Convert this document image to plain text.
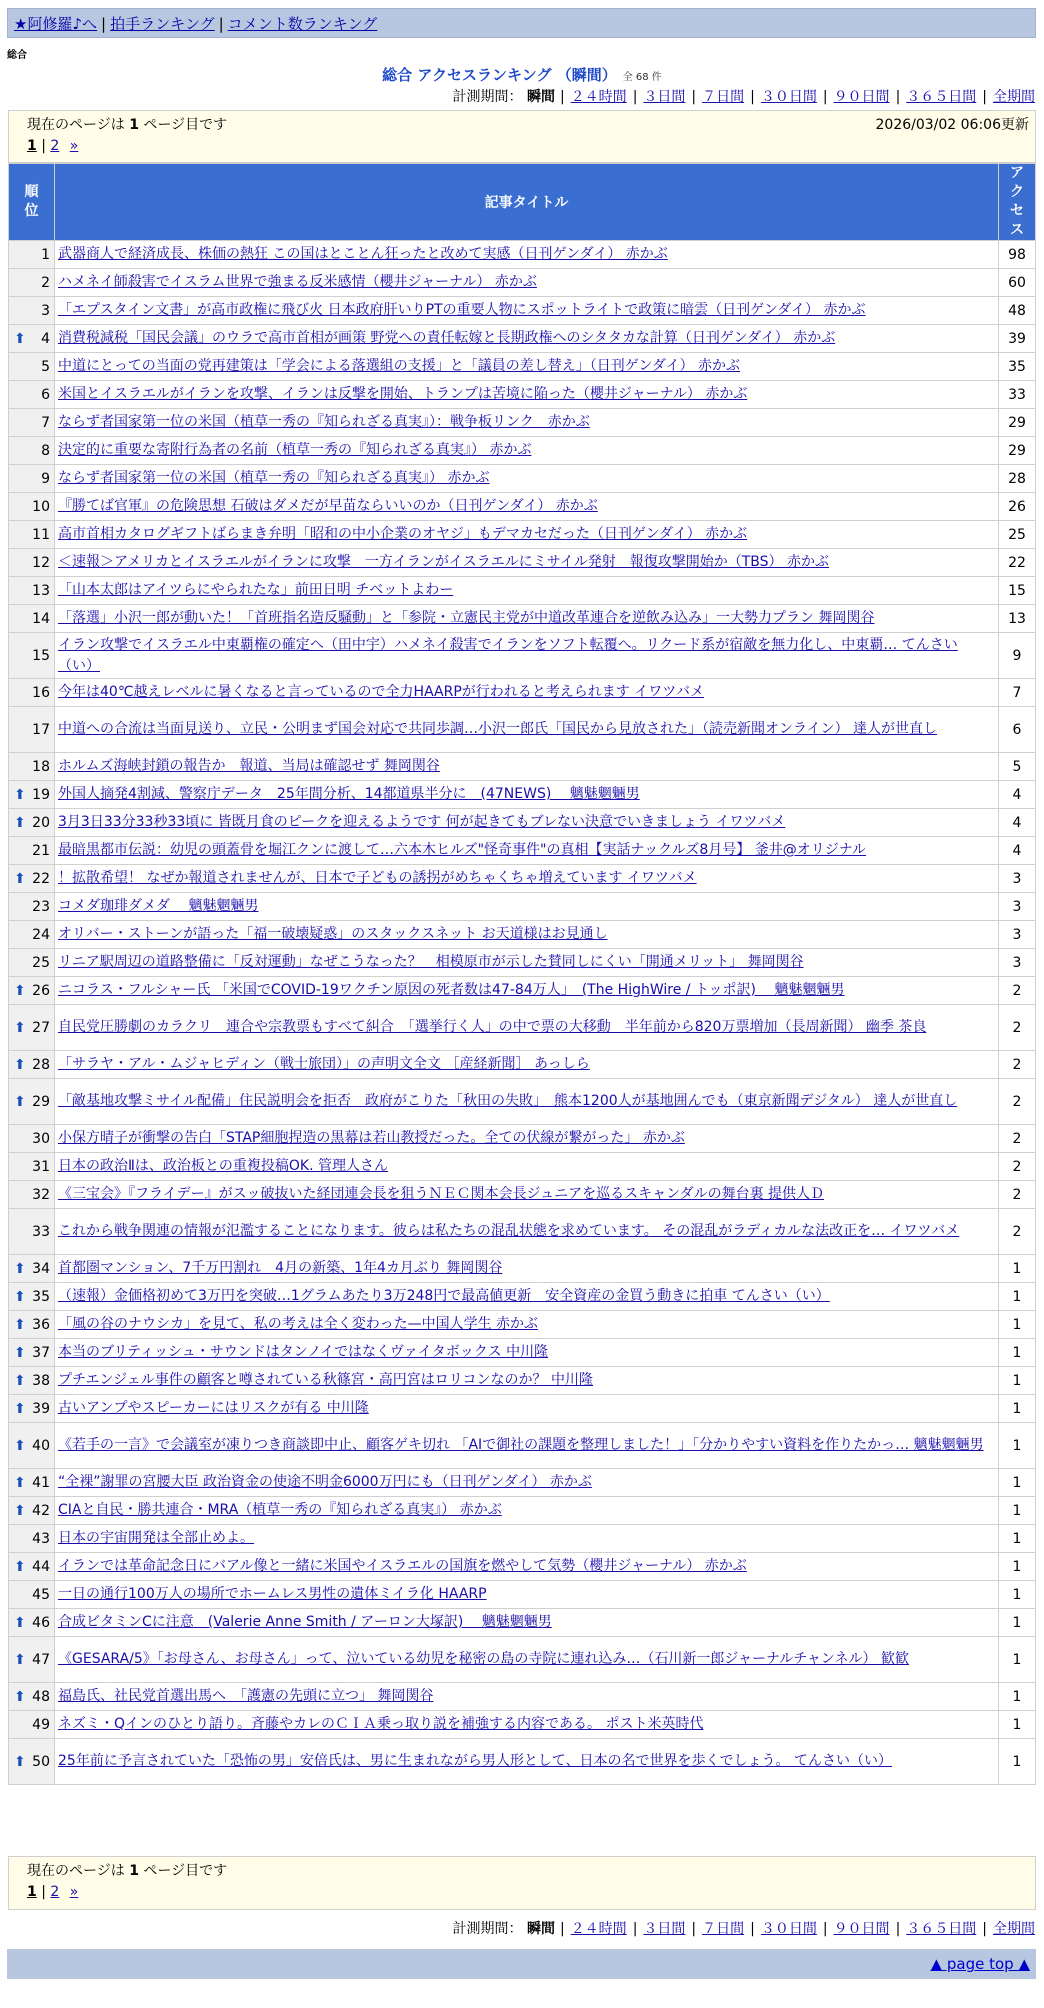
★阿修羅♪へ | 拍手ランキング | コメント数ランキング
総合
総合 アクセスランキング （瞬間） 全 68 件
計測期間： 瞬間 | ２４時間 | ３日間 | ７日間 | ３０日間 | ９０日間 | ３６５日間 | 全期間
現在のページは 1 ページ目です	2026/03/02 06:06更新
1 | 2 »
順位	記事タイトル	アクセス
1	武器商人で経済成長、株価の熱狂 この国はとことん狂ったと改めて実感（日刊ゲンダイ） 赤かぶ	98
2	ハメネイ師殺害でイスラム世界で強まる反米感情（櫻井ジャーナル） 赤かぶ	60
3	「エプスタイン文書」が高市政権に飛び火 日本政府肝いりPTの重要人物にスポットライトで政策に暗雲（日刊ゲンダイ） 赤かぶ	48

⬆ 4	消費税減税「国民会議」のウラで高市首相が画策 野党への責任転嫁と長期政権へのシタタカな計算（日刊ゲンダイ） 赤かぶ	39
5	中道にとっての当面の党再建策は「学会による落選組の支援」と「議員の差し替え」（日刊ゲンダイ） 赤かぶ	35
6	米国とイスラエルがイランを攻撃、イランは反撃を開始、トランプは苦境に陥った（櫻井ジャーナル） 赤かぶ	33
7	ならず者国家第一位の米国（植草一秀の『知られざる真実』）：戦争板リンク　赤かぶ	29
8	決定的に重要な寄附行為者の名前（植草一秀の『知られざる真実』） 赤かぶ	29
9	ならず者国家第一位の米国（植草一秀の『知られざる真実』） 赤かぶ	28
10	『勝てば官軍』の危険思想 石破はダメだが早苗ならいいのか（日刊ゲンダイ） 赤かぶ	26
11	高市首相カタログギフトばらまき弁明「昭和の中小企業のオヤジ」もデマカセだった（日刊ゲンダイ） 赤かぶ	25
12	＜速報＞アメリカとイスラエルがイランに攻撃　一方イランがイスラエルにミサイル発射　報復攻撃開始か（TBS） 赤かぶ	22
13	「山本太郎はアイツらにやられたな」前田日明 チベットよわー	15
14	「落選」小沢一郎が動いた！「首班指名造反騒動」と「参院・立憲民主党が中道改革連合を逆飲み込み」一大勢力プラン 舞岡関谷	13
15	イラン攻撃でイスラエル中東覇権の確定へ（田中宇）ハメネイ殺害でイランをソフト転覆へ。リクード系が宿敵を無力化し、中東覇… てんさい（い）	9
16	今年は40℃越えレベルに暑くなると言っているので全力HAARPが行われると考えられます イワツバメ	7
17	中道への合流は当面見送り、立民・公明まず国会対応で共同歩調…小沢一郎氏「国民から見放された」（読売新聞オンライン） 達人が世直し	6
18	ホルムズ海峡封鎖の報告か　報道、当局は確認せず 舞岡関谷	5

⬆ 19	外国人摘発4割減、警察庁データ　25年間分析、14都道県半分に　(47NEWS)　 魑魅魍魎男	4

⬆ 20	3月3日33分33秒33頃に 皆既月食のピークを迎えるようです 何が起きてもブレない決意でいきましょう イワツバメ	4
21	最暗黒都市伝説：幼児の頭蓋骨を堀江クンに渡して…六本木ヒルズ"怪奇事件"の真相【実話ナックルズ8月号】 釜井@オリジナル	4

⬆ 22	！拡散希望！ なぜか報道されませんが、日本で子どもの誘拐がめちゃくちゃ増えています イワツバメ	3
23	コメダ珈琲ダメダ　 魑魅魍魎男	3
24	オリバー・ストーンが語った「福一破壊疑惑」のスタックスネット お天道様はお見通し	3
25	リニア駅周辺の道路整備に「反対運動」なぜこうなった？　相模原市が示した賛同しにくい「開通メリット」 舞岡関谷	3

⬆ 26	ニコラス・フルシャー氏 「米国でCOVID-19ワクチン原因の死者数は47-84万人」　(The HighWire / トッポ訳)　 魑魅魍魎男	2

⬆ 27	自民党圧勝劇のカラクリ　連合や宗教票もすべて糾合　「選挙行く人」の中で票の大移動　半年前から820万票増加（長周新聞） 幽季 茶良	2

⬆ 28	「サラヤ・アル・ムジャヒディン（戦士旅団）」の声明文全文 ［産経新聞］ あっしら	2

⬆ 29	「敵基地攻撃ミサイル配備」住民説明会を拒否　政府がこりた「秋田の失敗」　熊本1200人が基地囲んでも（東京新聞デジタル） 達人が世直し	2
30	小保方晴子が衝撃の告白「STAP細胞捏造の黒幕は若山教授だった。全ての伏線が繋がった」 赤かぶ	2
31	日本の政治Ⅱは、政治板との重複投稿OK. 管理人さん	2
32	《三宝会》『フライデー』がスッ破抜いた経団連会長を狙うＮＥＣ関本会長ジュニアを巡るスキャンダルの舞台裏 提供人Ｄ	2
33	これから戦争関連の情報が氾濫することになります。彼らは私たちの混乱状態を求めています。 その混乱がラディカルな法改正を… イワツバメ	2

⬆ 34	首都圏マンション、7千万円割れ　4月の新築、1年4カ月ぶり 舞岡関谷	1

⬆ 35	（速報）金価格初めて3万円を突破…1グラムあたり3万248円で最高値更新　安全資産の金買う動きに拍車 てんさい（い）	1

⬆ 36	「風の谷のナウシカ」を見て、私の考えは全く変わった—中国人学生 赤かぶ	1

⬆ 37	本当のブリティッシュ・サウンドはタンノイではなくヴァイタボックス 中川隆	1

⬆ 38	プチエンジェル事件の顧客と噂されている秋篠宮・高円宮はロリコンなのか？ 中川隆	1

⬆ 39	古いアンプやスピーカーにはリスクが有る 中川隆	1

⬆ 40	《若手の一言》で会議室が凍りつき商談即中止、顧客ゲキ切れ 「AIで御社の課題を整理しました！」「分かりやすい資料を作りたかっ… 魑魅魍魎男	1

⬆ 41	“全裸”謝罪の宮腰大臣 政治資金の使途不明金6000万円にも（日刊ゲンダイ） 赤かぶ	1

⬆ 42	CIAと自民・勝共連合・MRA（植草一秀の『知られざる真実』） 赤かぶ	1
43	日本の宇宙開発は全部止めよ。	1

⬆ 44	イランでは革命記念日にバアル像と一緒に米国やイスラエルの国旗を燃やして気勢（櫻井ジャーナル） 赤かぶ	1
45	一日の通行100万人の場所でホームレス男性の遺体ミイラ化 HAARP	1

⬆ 46	合成ビタミンCに注意　(Valerie Anne Smith / アーロン大塚訳)　 魑魅魍魎男	1

⬆ 47	《GESARA/5》「お母さん、お母さん」って、泣いている幼児を秘密の島の寺院に連れ込み…（石川新一郎ジャーナルチャンネル） 歓歓	1

⬆ 48	福島氏、社民党首選出馬へ　「護憲の先頭に立つ」 舞岡関谷	1
49	ネズミ・Qインのひとり語り。斉藤やカレのＣＩＡ乗っ取り説を補強する内容である。 ポスト米英時代	1

⬆ 50	25年前に予言されていた「恐怖の男」安倍氏は、男に生まれながら男人形として、日本の名で世界を歩くでしょう。 てんさい（い）	1
現在のページは 1 ページ目です
1 | 2 »
計測期間： 瞬間 | ２４時間 | ３日間 | ７日間 | ３０日間 | ９０日間 | ３６５日間 | 全期間
▲ page top ▲
